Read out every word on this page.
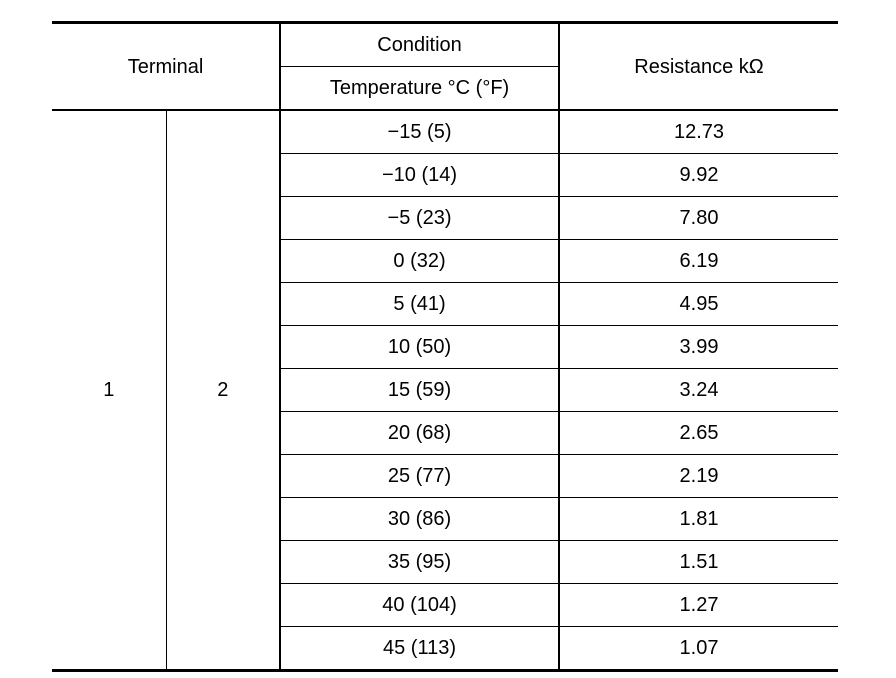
Terminal		Condition	Resistance kΩ
		Temperature °C (°F)	
1	2	−15 (5)	12.73
		−10 (14)	9.92
		−5 (23)	7.80
		0 (32)	6.19
		5 (41)	4.95
		10 (50)	3.99
		15 (59)	3.24
		20 (68)	2.65
		25 (77)	2.19
		30 (86)	1.81
		35 (95)	1.51
		40 (104)	1.27
		45 (113)	1.07
